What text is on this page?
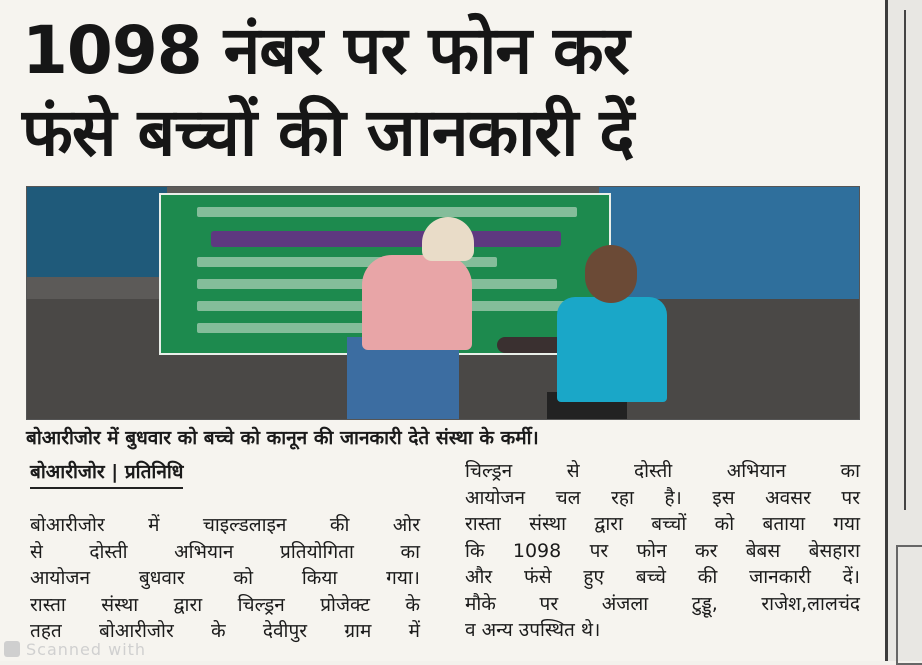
1098 नंबर पर फोन कर
फंसे बच्चों की जानकारी दें
बोआरीजोर में बुधवार को बच्चे को कानून की जानकारी देते संस्था के कर्मी।
बोआरीजोर | प्रतिनिधि
बोआरीजोर में चाइल्डलाइन की ओर
से दोस्ती अभियान प्रतियोगिता का
आयोजन बुधवार को किया गया।
रास्ता संस्था द्वारा चिल्ड्रन प्रोजेक्ट के
तहत बोआरीजोर के देवीपुर ग्राम में
चिल्ड्रन से दोस्ती अभियान का
आयोजन चल रहा है। इस अवसर पर
रास्ता संस्था द्वारा बच्चों को बताया गया
कि 1098 पर फोन कर बेबस बेसहारा
और फंसे हुए बच्चे की जानकारी दें।
मौके पर अंजला टुड्डू, राजेश,लालचंद
व अन्य उपस्थित थे।
Scanned with
